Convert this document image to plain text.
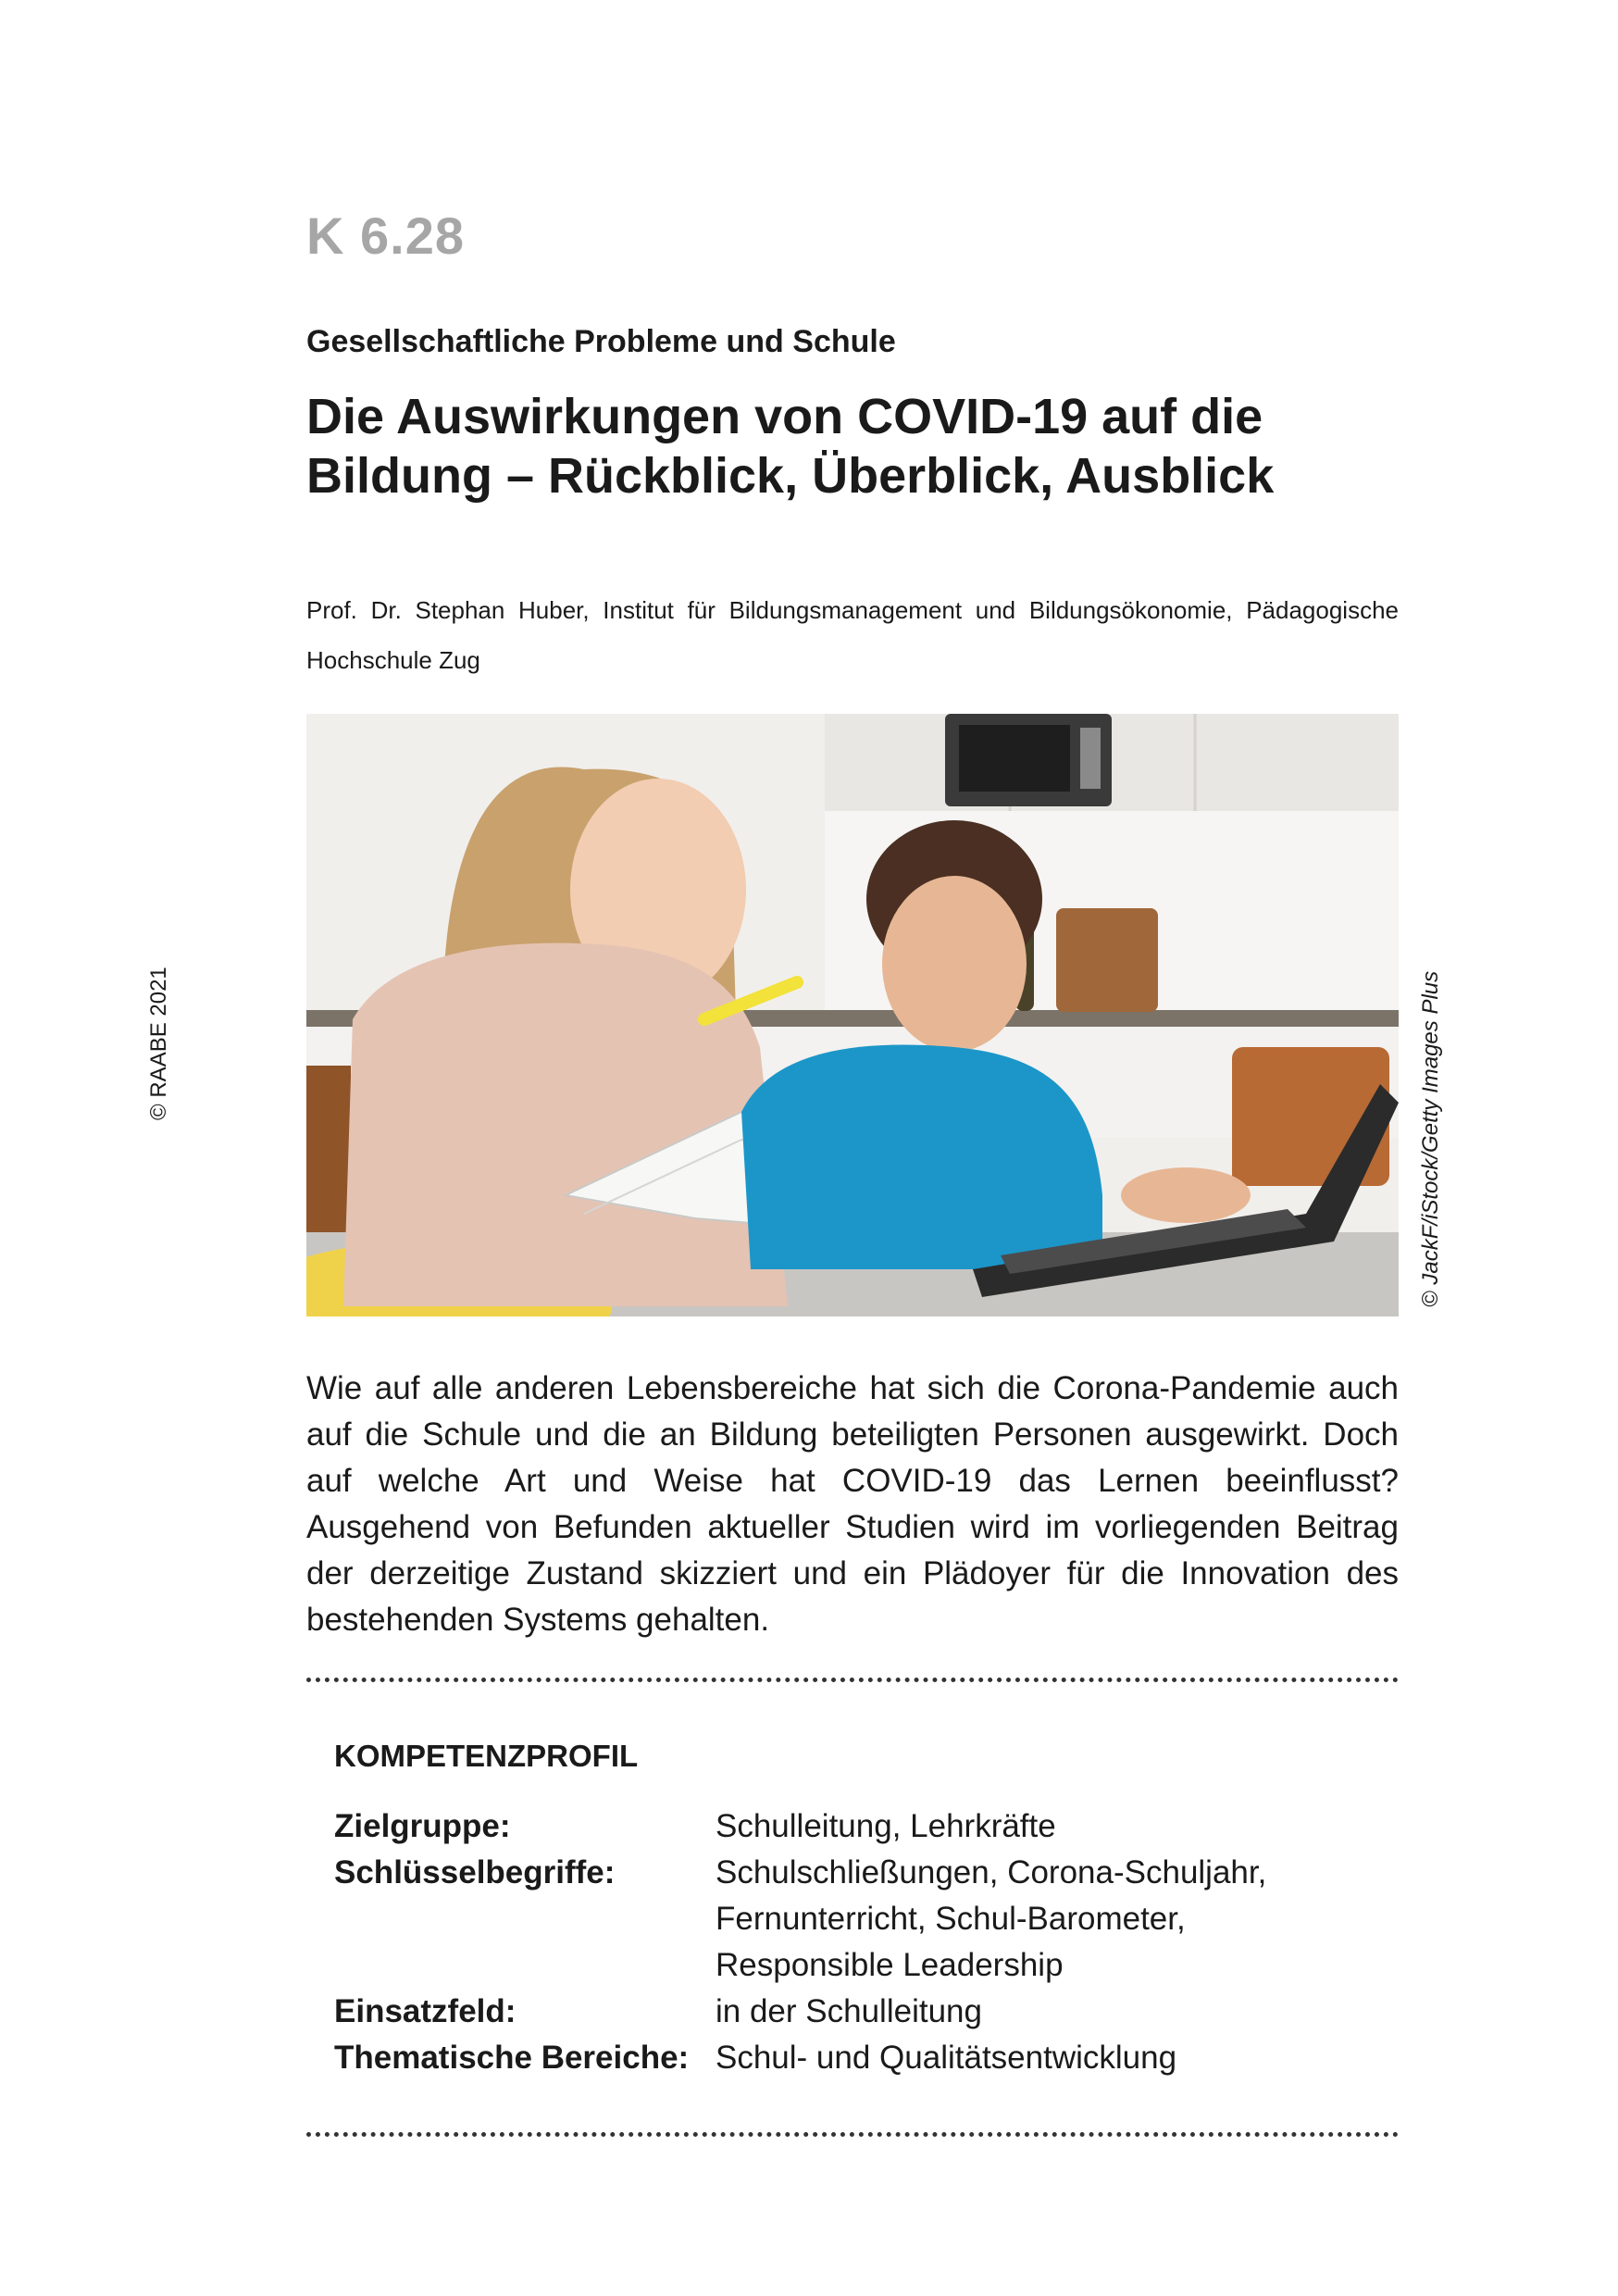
K 6.28
Gesellschaftliche Probleme und Schule
Die Auswirkungen von COVID-19 auf die Bildung – Rückblick, Überblick, Ausblick
Prof. Dr. Stephan Huber, Institut für Bildungsmanagement und Bildungsökonomie, Pädagogische Hochschule Zug
© RAABE 2021	© JackF/iStock/Getty Images Plus
Wie auf alle anderen Lebensbereiche hat sich die Corona-Pandemie auch auf die Schule und die an Bildung beteiligten Personen ausgewirkt. Doch auf welche Art und Weise hat COVID-19 das Lernen beeinflusst? Ausgehend von Befunden aktueller Studien wird im vorliegenden Beitrag der derzeitige Zustand skizziert und ein Plädoyer für die Innovation des bestehenden Systems gehalten.
KOMPETENZPROFIL
Zielgruppe:	Schulleitung, Lehrkräfte
Schlüsselbegriffe:	Schulschließungen, Corona-Schuljahr, Fernunterricht, Schul-Barometer, Responsible Leadership
Einsatzfeld:	in der Schulleitung
Thematische Bereiche: Schul- und Qualitätsentwicklung
